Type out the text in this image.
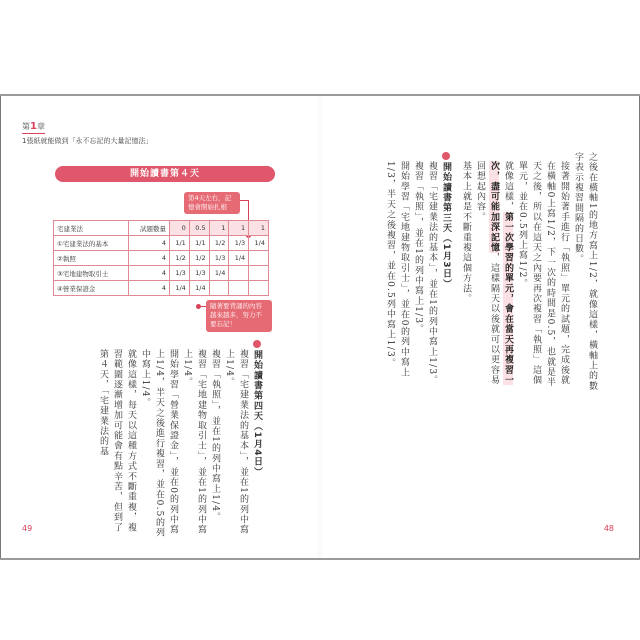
第1章
1張紙就能做到「永不忘記的大量記憶法」
開始讀書第４天
第4天左右，記憶會開始扎根
宅建業法	試題數量	0	0.5	1	1	1
①宅建業法的基本	4	1/1	1/1	1/2	1/3	1/4
②執照	4	1/2	1/2	1/3	1/4	
③宅地建物取引士	4	1/3	1/3	1/4		
④營業保證金	4	1/4	1/4			
隨著要背誦的內容越來越多，努力不要忘記！

開始讀書第四天（1月4日）

複習「宅建業法的基本」，並在1的列中寫上1/4。

複習「執照」，並在1的列中寫上1/4。

複習「宅地建物取引士」，並在1的列中寫上1/4。

開始學習「營業保證金」，並在0的列中寫上1/4，半天之後進行複習，並在0.5的列中寫上1/4。

就像這樣，每天以這種方式不斷重複，複習範圍逐漸增加可能會有點辛苦，但到了第４天，「宅建業法的基

49

之後在橫軸1的地方寫上1/2，就像這樣，橫軸上的數字表示複習間隔的日數。

接著開始著手進行「執照」單元的試題，完成後就在橫軸0上寫1/2，下一次的時間是0.5，也就是半天之後，所以在這天之內要再次複習「執照」這個單元，並在0.5列上寫1/2。

就像這樣，第一次學習的單元，會在當天再複習一次，盡可能加深記憶，這樣隔天以後就可以更容易回想起內容。

基本上就是不斷重複這個方法。

開始讀書第三天（1月3日）

複習「宅建業法的基本」，並在1的列中寫上1/3。

複習「執照」，並在1的列中寫上1/3。

開始學習「宅地建物取引士」，並在0的列中寫上1/3，半天之後複習，並在0.5列中寫上1/3。

48
